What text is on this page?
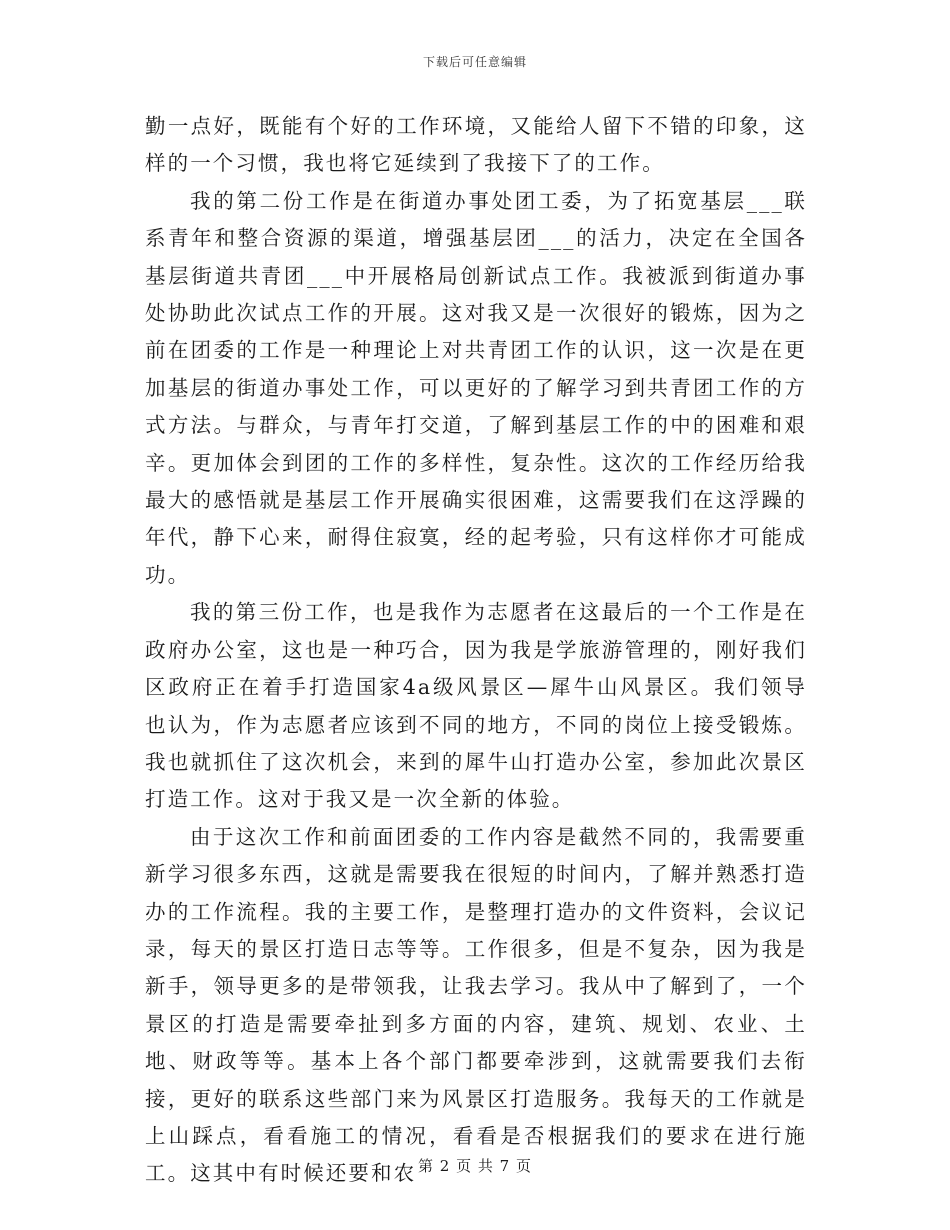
下载后可任意编辑

勤一点好，既能有个好的工作环境，又能给人留下不错的印象，这样的一个习惯，我也将它延续到了我接下了的工作。

我的第二份工作是在街道办事处团工委，为了拓宽基层___联系青年和整合资源的渠道，增强基层团___的活力，决定在全国各基层街道共青团___中开展格局创新试点工作。我被派到街道办事处协助此次试点工作的开展。这对我又是一次很好的锻炼，因为之前在团委的工作是一种理论上对共青团工作的认识，这一次是在更加基层的街道办事处工作，可以更好的了解学习到共青团工作的方式方法。与群众，与青年打交道，了解到基层工作的中的困难和艰辛。更加体会到团的工作的多样性，复杂性。这次的工作经历给我最大的感悟就是基层工作开展确实很困难，这需要我们在这浮躁的年代，静下心来，耐得住寂寞，经的起考验，只有这样你才可能成功。

我的第三份工作，也是我作为志愿者在这最后的一个工作是在政府办公室，这也是一种巧合，因为我是学旅游管理的，刚好我们区政府正在着手打造国家4a级风景区—犀牛山风景区。我们领导也认为，作为志愿者应该到不同的地方，不同的岗位上接受锻炼。我也就抓住了这次机会，来到的犀牛山打造办公室，参加此次景区打造工作。这对于我又是一次全新的体验。

由于这次工作和前面团委的工作内容是截然不同的，我需要重新学习很多东西，这就是需要我在很短的时间内，了解并熟悉打造办的工作流程。我的主要工作，是整理打造办的文件资料，会议记录，每天的景区打造日志等等。工作很多，但是不复杂，因为我是新手，领导更多的是带领我，让我去学习。我从中了解到了，一个景区的打造是需要牵扯到多方面的内容，建筑、规划、农业、土地、财政等等。基本上各个部门都要牵涉到，这就需要我们去衔接，更好的联系这些部门来为风景区打造服务。我每天的工作就是上山踩点，看看施工的情况，看看是否根据我们的要求在进行施工。这其中有时候还要和农 第 2 页 共 7 页
